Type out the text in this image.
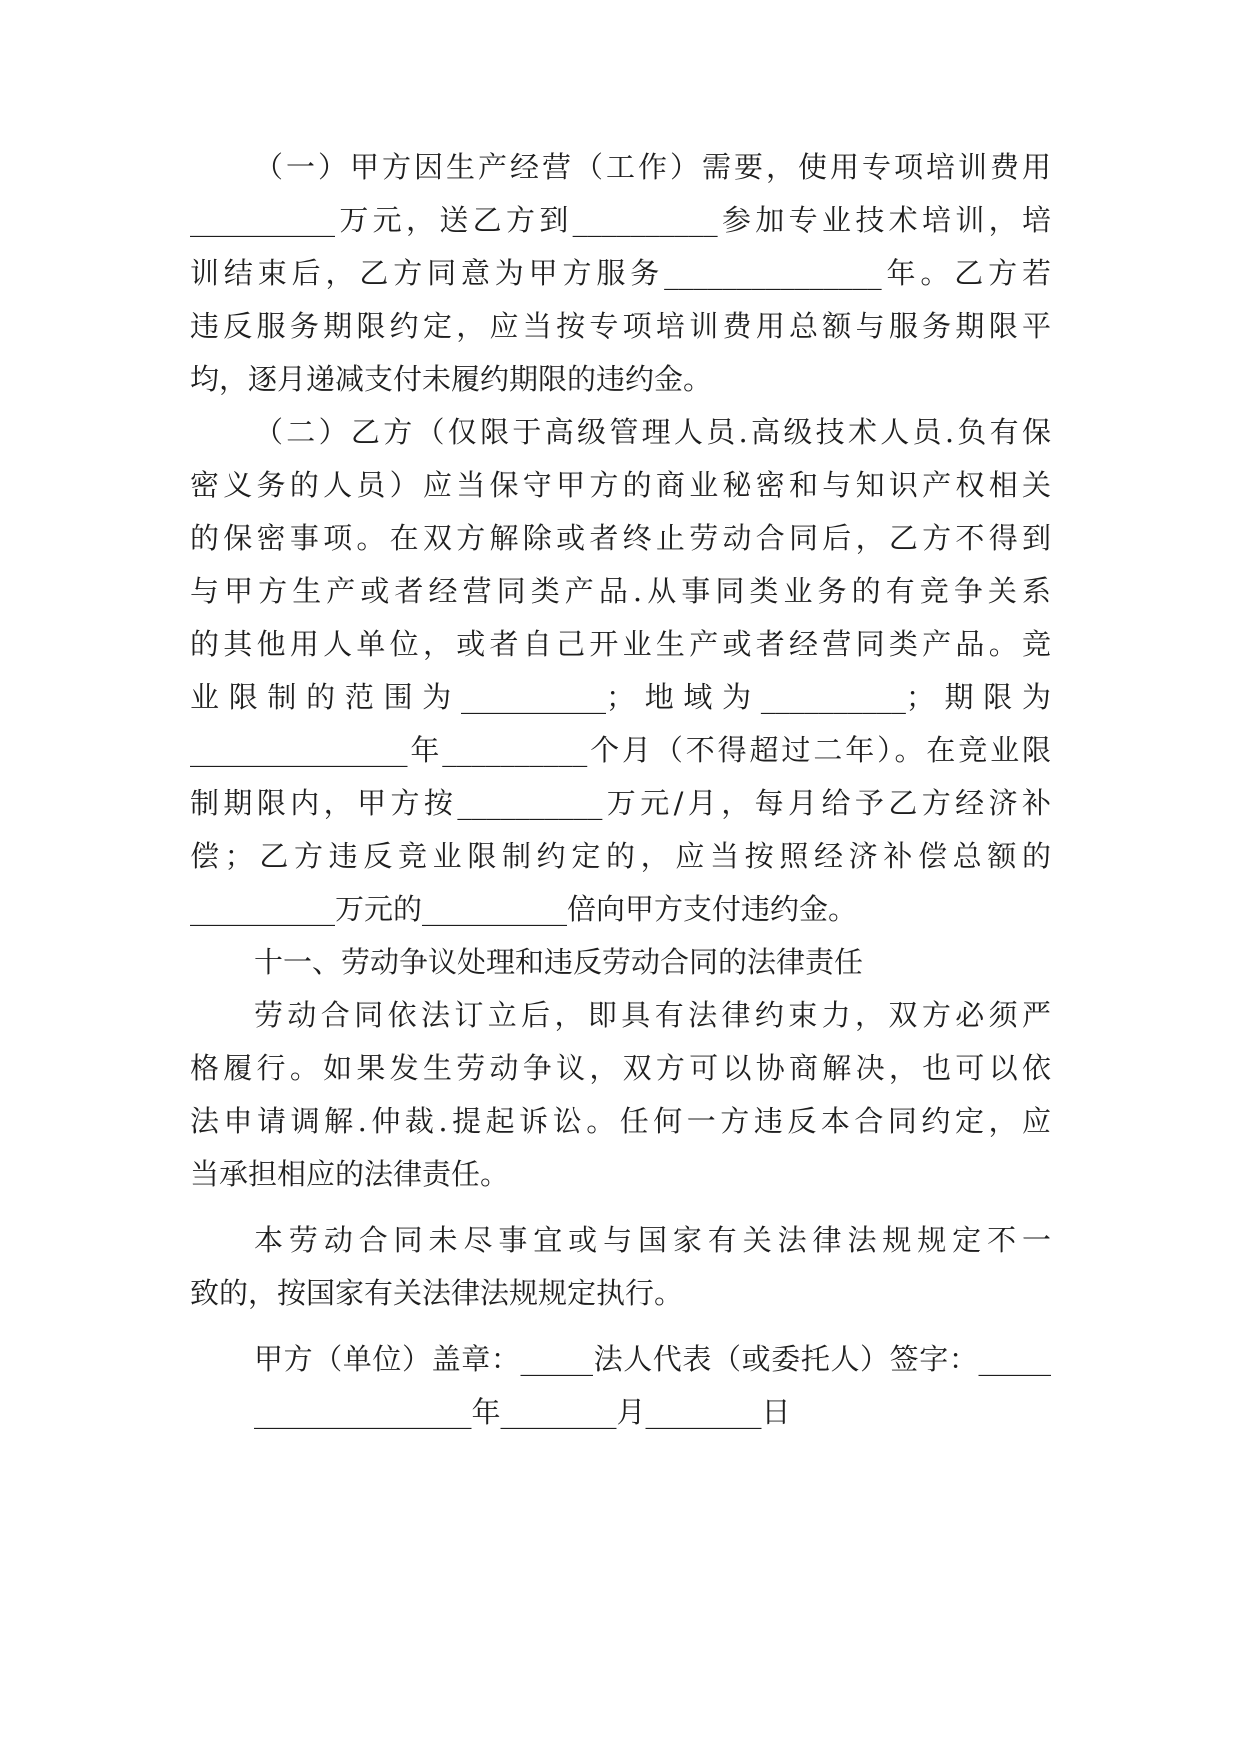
（一）甲方因生产经营（工作）需要，使用专项培训费用
__________万元，送乙方到__________参加专业技术培训，培
训结束后，乙方同意为甲方服务_______________年。乙方若
违反服务期限约定，应当按专项培训费用总额与服务期限平
均，逐月递减支付未履约期限的违约金。
（二）乙方（仅限于高级管理人员.高级技术人员.负有保
密义务的人员）应当保守甲方的商业秘密和与知识产权相关
的保密事项。在双方解除或者终止劳动合同后，乙方不得到
与甲方生产或者经营同类产品.从事同类业务的有竞争关系
的其他用人单位，或者自己开业生产或者经营同类产品。竞
业限制的范围为__________；地域为__________；期限为
_______________年__________个月（不得超过二年）。在竞业限
制期限内，甲方按__________万元/月，每月给予乙方经济补
偿；乙方违反竞业限制约定的，应当按照经济补偿总额的
__________万元的__________倍向甲方支付违约金。
十一、劳动争议处理和违反劳动合同的法律责任
劳动合同依法订立后，即具有法律约束力，双方必须严
格履行。如果发生劳动争议，双方可以协商解决，也可以依
法申请调解.仲裁.提起诉讼。任何一方违反本合同约定，应
当承担相应的法律责任。
本劳动合同未尽事宜或与国家有关法律法规规定不一
致的，按国家有关法律法规规定执行。
甲方（单位）盖章：_____法人代表（或委托人）签字：_____
_______________年________月________日
